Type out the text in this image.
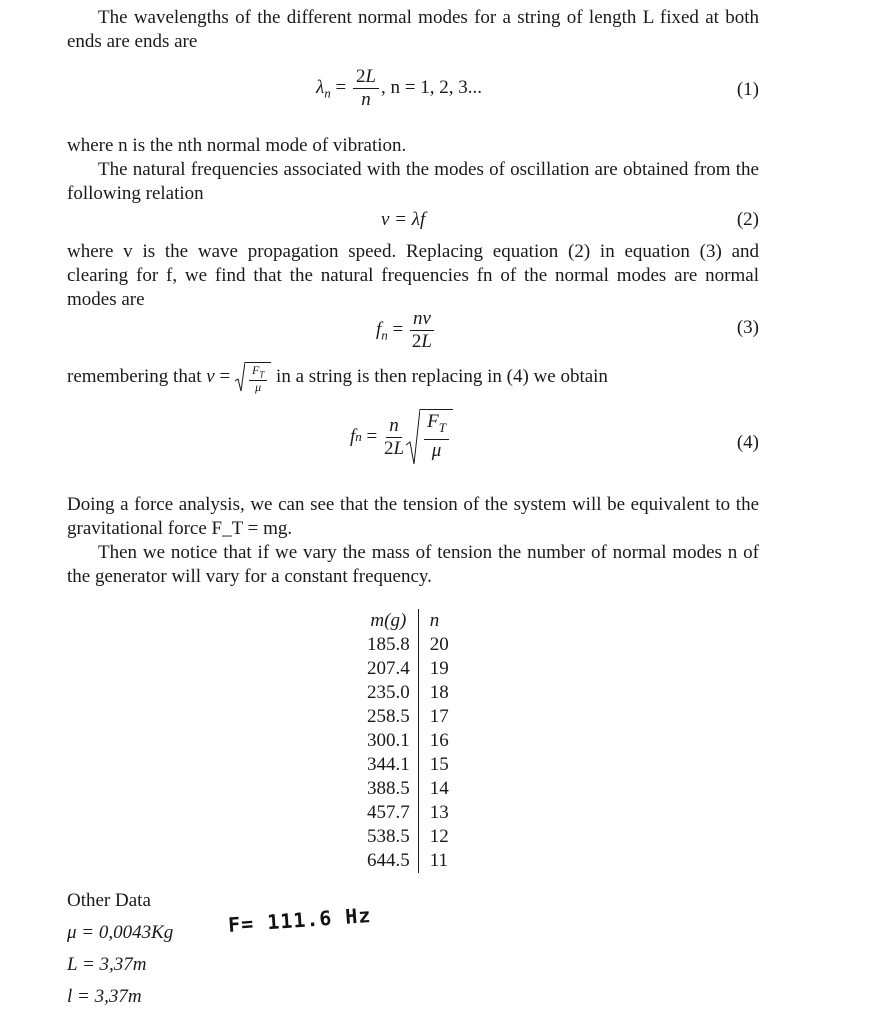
The wavelengths of the different normal modes for a string of length L fixed at both ends are ends are

$\lambda_n = \frac{2L}{n}$ , n = 1, 2, 3...	(1)

where n is the nth normal mode of vibration.

The natural frequencies associated with the modes of oscillation are obtained from the following relation

v = λf	(2)

where v is the wave propagation speed. Replacing equation (2) in equation (3) and clearing for f, we find that the natural frequencies fn of the normal modes are normal modes are

$f_n = \frac{nv}{2L}$	(3)

remembering that $v = \frac{F_T}{\mu}$ in a string is then replacing in (4) we obtain

f $n = \frac{n}{2L} \frac{F_T}{\mu}$	(4)

Doing a force analysis, we can see that the tension of the system will be equivalent to the gravitational force F_T = mg.

Then we notice that if we vary the mass of tension the number of normal modes n of the generator will vary for a constant frequency.

m(g)	n
185.8	20
207.4	19
235.0	18
258.5	17
300.1	16
344.1	15
388.5	14
457.7	13
538.5	12
644.5	11
Other Data
μ = 0,0043Kg
L = 3,37m
l = 3,37m
F= 111.6 Hz
